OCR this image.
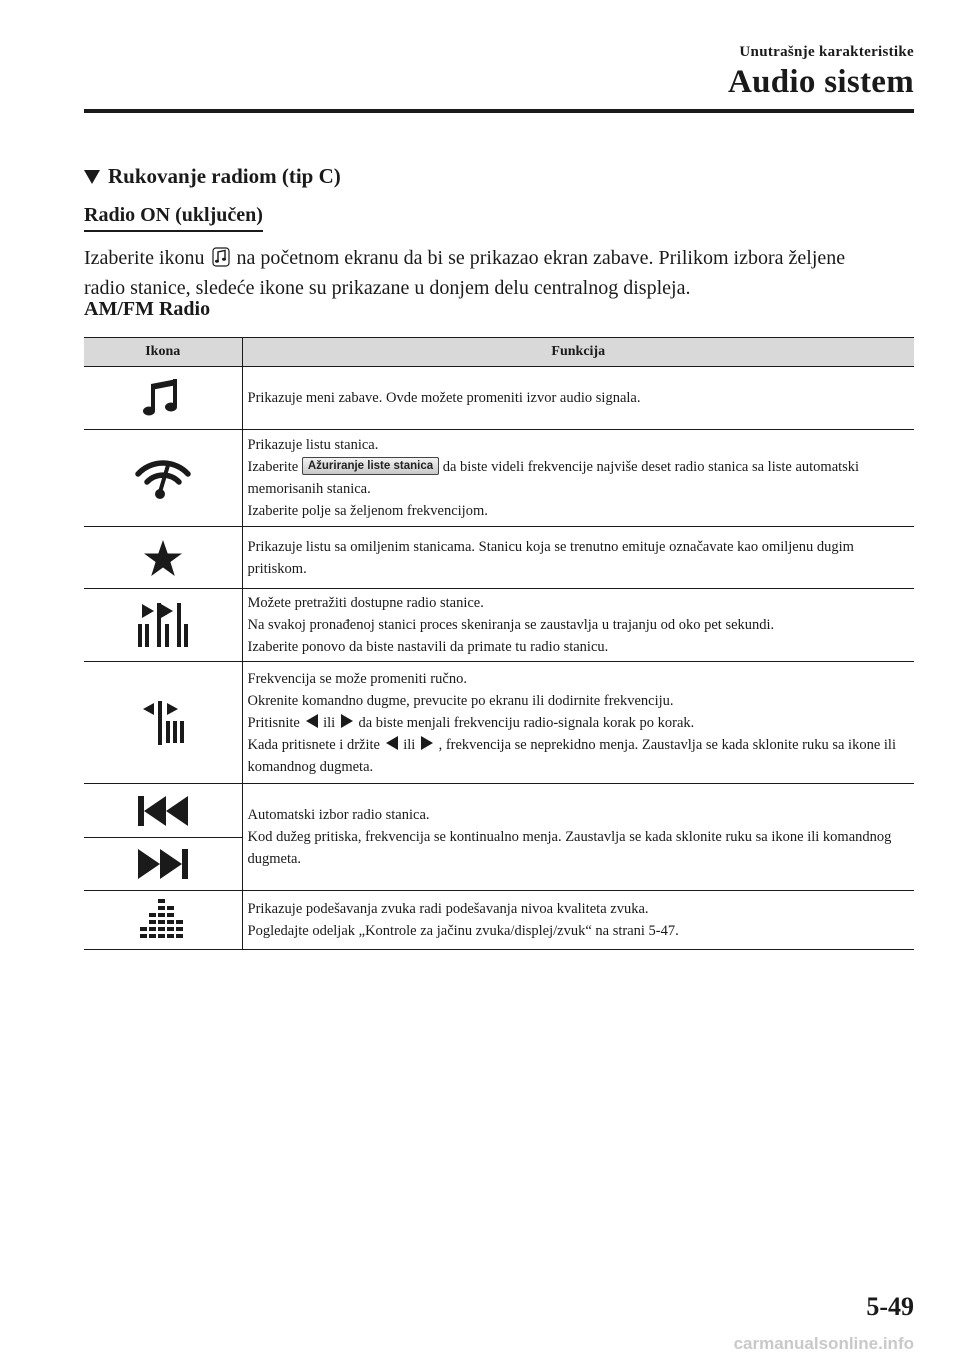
Unutrašnje karakteristike
Audio sistem
Rukovanje radiom (tip C)
Radio ON (uključen)
Izaberite ikonu na početnom ekranu da bi se prikazao ekran zabave. Prilikom izbora željene radio stanice, sledeće ikone su prikazane u donjem delu centralnog displeja.
AM/FM Radio
Ikona	Funkcija

Prikazuje meni zabave. Ovde možete promeniti izvor audio signala.

Prikazuje listu stanica.
Izaberite Ažuriranje liste stanica da biste videli frekvencije najviše deset radio stanica sa liste automatski memorisanih stanica.
Izaberite polje sa željenom frekvencijom.

Prikazuje listu sa omiljenim stanicama. Stanicu koja se trenutno emituje označavate kao omiljenu dugim pritiskom.

Možete pretražiti dostupne radio stanice.
Na svakoj pronađenoj stanici proces skeniranja se zaustavlja u trajanju od oko pet sekundi.
Izaberite ponovo da biste nastavili da primate tu radio stanicu.

Frekvencija se može promeniti ručno.
Okrenite komandno dugme, prevucite po ekranu ili dodirnite frekvenciju.
Pritisnite ili da biste menjali frekvenciju radio-signala korak po korak.
Kada pritisnete i držite ili , frekvencija se neprekidno menja. Zaustavlja se kada sklonite ruku sa ikone ili komandnog dugmeta.

Automatski izbor radio stanica.
Kod dužeg pritiska, frekvencija se kontinualno menja. Zaustavlja se kada sklonite ruku sa ikone ili komandnog dugmeta.

Prikazuje podešavanja zvuka radi podešavanja nivoa kvaliteta zvuka.
Pogledajte odeljak „Kontrole za jačinu zvuka/displej/zvuk“ na strani 5-47.
5-49
carmanualsonline.info
